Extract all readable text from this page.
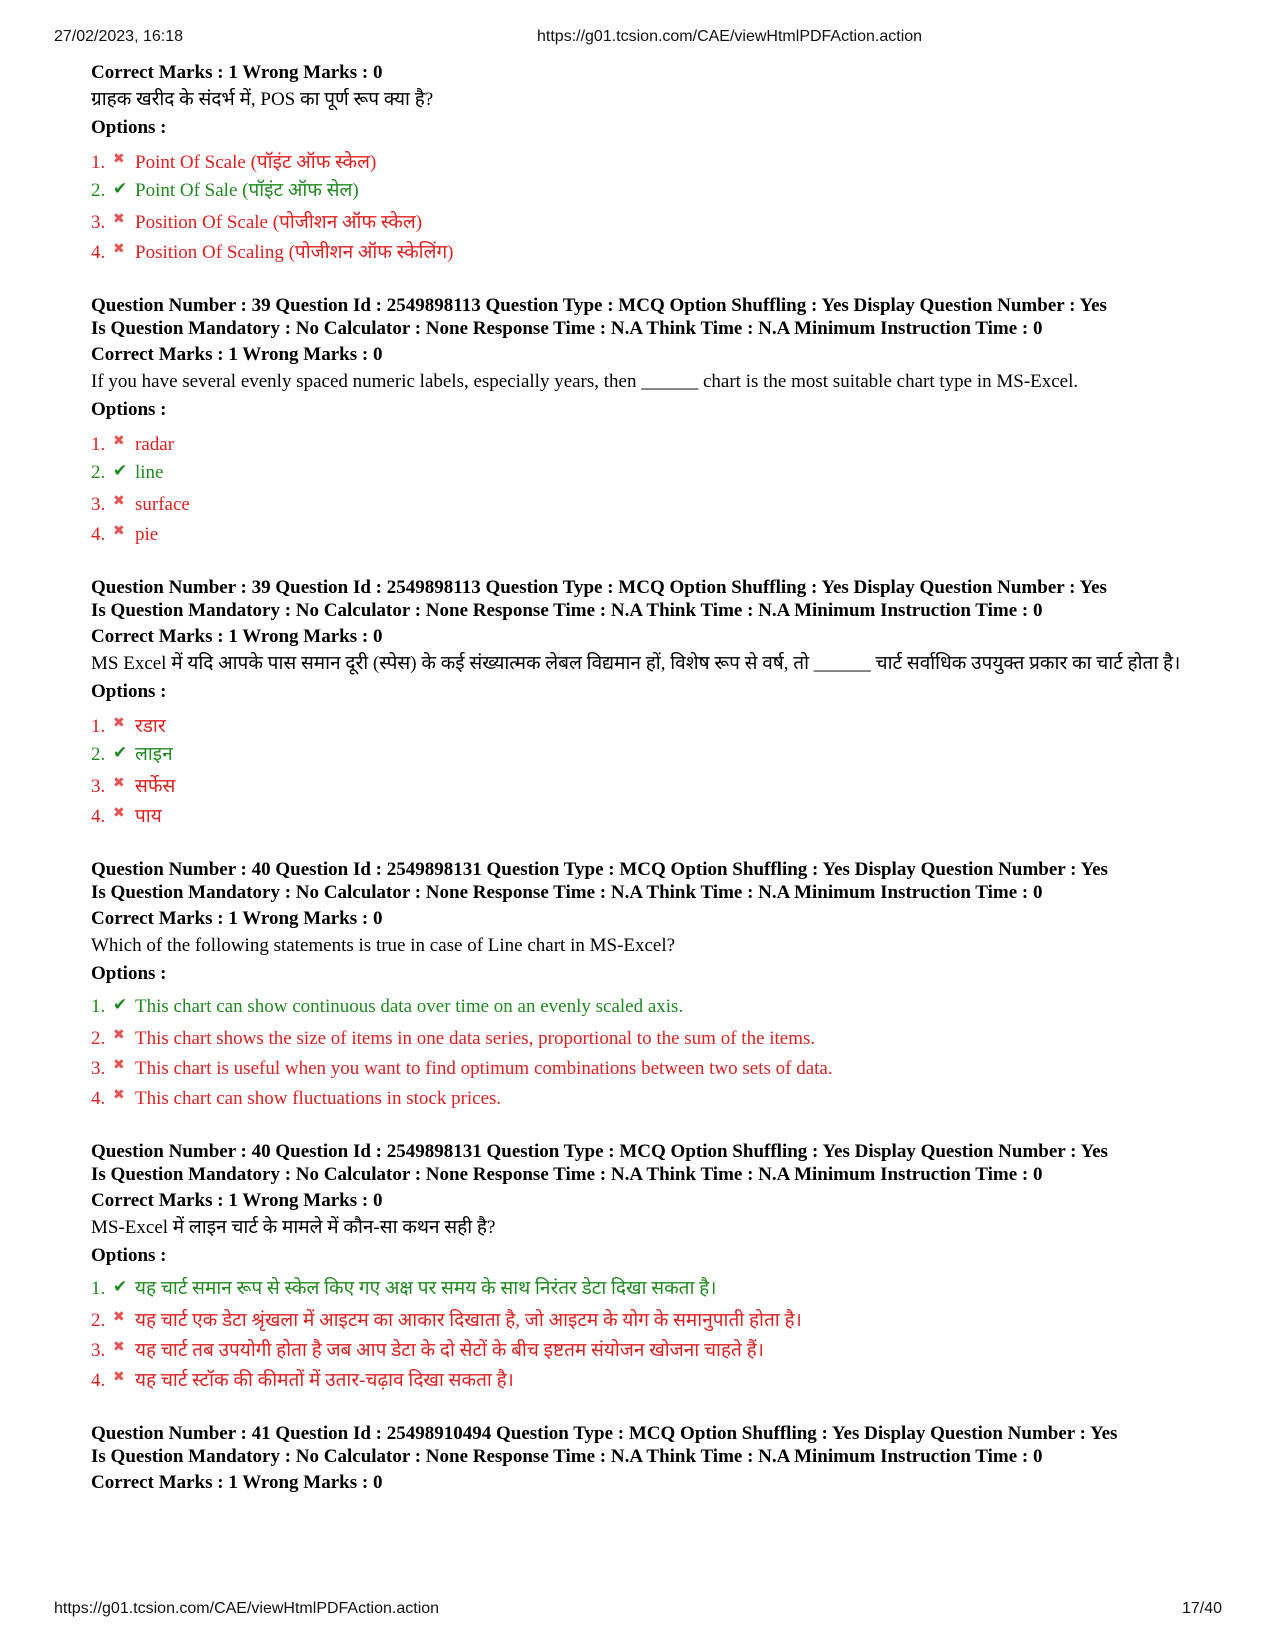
27/02/2023, 16:18	https://g01.tcsion.com/CAE/viewHtmlPDFAction.action
Correct Marks : 1 Wrong Marks : 0
ग्राहक खरीद के संदर्भ में, POS का पूर्ण रूप क्या है?
Options :
1. ✖ Point Of Scale (पॉइंट ऑफ स्केल)
2. ✔ Point Of Sale (पॉइंट ऑफ सेल)
3. ✖ Position Of Scale (पोजीशन ऑफ स्केल)
4. ✖ Position Of Scaling (पोजीशन ऑफ स्केलिंग)
Question Number : 39 Question Id : 2549898113 Question Type : MCQ Option Shuffling : Yes Display Question Number : Yes
Is Question Mandatory : No Calculator : None Response Time : N.A Think Time : N.A Minimum Instruction Time : 0
Correct Marks : 1 Wrong Marks : 0
If you have several evenly spaced numeric labels, especially years, then ______ chart is the most suitable chart type in MS-Excel.
Options :
1. ✖ radar
2. ✔ line
3. ✖ surface
4. ✖ pie
Question Number : 39 Question Id : 2549898113 Question Type : MCQ Option Shuffling : Yes Display Question Number : Yes
Is Question Mandatory : No Calculator : None Response Time : N.A Think Time : N.A Minimum Instruction Time : 0
Correct Marks : 1 Wrong Marks : 0
MS Excel में यदि आपके पास समान दूरी (स्पेस) के कई संख्यात्मक लेबल विद्यमान हों, विशेष रूप से वर्ष, तो ______ चार्ट सर्वाधिक उपयुक्त प्रकार का चार्ट होता है।
Options :
1. ✖ रडार
2. ✔ लाइन
3. ✖ सर्फेस
4. ✖ पाय
Question Number : 40 Question Id : 2549898131 Question Type : MCQ Option Shuffling : Yes Display Question Number : Yes
Is Question Mandatory : No Calculator : None Response Time : N.A Think Time : N.A Minimum Instruction Time : 0
Correct Marks : 1 Wrong Marks : 0
Which of the following statements is true in case of Line chart in MS-Excel?
Options :
1. ✔ This chart can show continuous data over time on an evenly scaled axis.
2. ✖ This chart shows the size of items in one data series, proportional to the sum of the items.
3. ✖ This chart is useful when you want to find optimum combinations between two sets of data.
4. ✖ This chart can show fluctuations in stock prices.
Question Number : 40 Question Id : 2549898131 Question Type : MCQ Option Shuffling : Yes Display Question Number : Yes
Is Question Mandatory : No Calculator : None Response Time : N.A Think Time : N.A Minimum Instruction Time : 0
Correct Marks : 1 Wrong Marks : 0
MS-Excel में लाइन चार्ट के मामले में कौन-सा कथन सही है?
Options :
1. ✔ यह चार्ट समान रूप से स्केल किए गए अक्ष पर समय के साथ निरंतर डेटा दिखा सकता है।
2. ✖ यह चार्ट एक डेटा श्रृंखला में आइटम का आकार दिखाता है, जो आइटम के योग के समानुपाती होता है।
3. ✖ यह चार्ट तब उपयोगी होता है जब आप डेटा के दो सेटों के बीच इष्टतम संयोजन खोजना चाहते हैं।
4. ✖ यह चार्ट स्टॉक की कीमतों में उतार-चढ़ाव दिखा सकता है।
Question Number : 41 Question Id : 25498910494 Question Type : MCQ Option Shuffling : Yes Display Question Number : Yes
Is Question Mandatory : No Calculator : None Response Time : N.A Think Time : N.A Minimum Instruction Time : 0
Correct Marks : 1 Wrong Marks : 0
https://g01.tcsion.com/CAE/viewHtmlPDFAction.action	17/40
